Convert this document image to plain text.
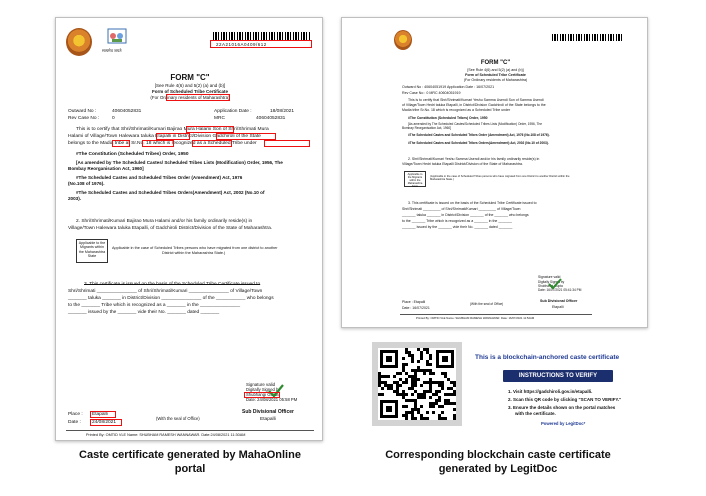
सत्यमेव जयते
22A21016A0409/612
FORM "C"
[See Rule 4(6) and 5(2) (a) and (b)]
Form of Scheduled Tribe Certificate
(For Ordinary residents of Maharashtra)
Outward No :	40604052831	Application Date :	18/08/2021
Rev Case No :	0	MRC	40604052831
This is to certify that Shri/Shrimati/Kumari Bajirao Mura Halami Son of Shri/Shrimati Mura
Halami of Village/Town Halewara taluka Etapalli in District/Division Gadchiroli of the State
belongs to the Madia tribe at Sr.No. 18 which is recognized as a Scheduled Tribe under
#The Constitution (Scheduled Tribes) Order, 1950
[As amended by The Scheduled Castes/ Scheduled Tribes Lists (Modification) Order, 1956, The
Bombay Reorganisation Act, 1960]
#The Scheduled Castes and Scheduled Tribes Order (Amendment) Act, 1976
(No.108 of 1976).
#The Scheduled Castes and Scheduled Tribes Orders(Amendment) Act, 2002 (No.10 of
2003).
2. Shri/Shrimati/Kumari Bajirao Mura Halami and/or his family ordinarily reside(s) in
Village/Town Halewara taluka Etapalli, of Gadchiroli District/Division of the State of Maharashtra.
Applicable to the Migrants within the Maharashtra State
Applicable in the case of Scheduled Tribes persons who have migrated from one district to another
District within the Maharashtra State.)
3. This certificate is issued on the basis of the Scheduled Tribe Certificate issued to
Shri/Shrimati _______________ of Shri/Shrimati/Kumari _______________ of Village/Town
_______ taluka _______ in District/Division _______________ of the ___________ who belongs
to the _______ Tribe which is recognized as a _______ in the _______________
_______ issued by the _______ vide their No. _______ dated _______
Signature valid
Digitally Signed by
Shubhangi Gupta
Date: 24/08/2021 05:58 PM
Place : Etapalli
Date : 24/08/2021
(With the seal of Office)
Sub Divisional Officer
Etapalli
Printed By: OMTID VLE Name: SHUBHAM RAMESH WANNAWAR. Date:24/08/2021 11:30AM
FORM "C"
[See Rule 4(6) and 5(2) (a) and (b)]
Form of Scheduled Tribe Certificate
(For Ordinary residents of Maharashtra)
Outward No : 40604051919 Application Date : 16/07/2021
Rev Case No : 0 MRC 40604051919
This is to certify that Shri/Shrimati/Kumari Yeshu Samma Usendi Son of Samma Usendi
of Village/Town Hedri taluka Etapalli, in District/Division Gadchiroli of the State belongs to the
Madia tribe Sr.No. 18 which is recognized as a Scheduled Tribe under
#The Constitution (Scheduled Tribes) Order, 1950
[As amended by The Scheduled Castes/Scheduled Tribes Lists (Modification) Order, 1956, The
Bombay Reorganisation Act, 1960]
#The Scheduled Castes and Scheduled Tribes Order (Amendment) Act, 1976 (No.108 of 1976).
#The Scheduled Castes and Scheduled Tribes Orders(Amendment) Act, 2002 (No.10 of 2003).
2. Shri/Shrimati/Kumari Yeshu Samma Usendi and/or his family ordinarily reside(s) in
Village/Town Hedri taluka Etapalli District/Division of the State of Maharashtra.
Applicable to the Migrants within the Maharashtra State
(Applicable in the case of Scheduled Tribes persons who have migrated from one District to another District within the Maharashtra State.)
3. This certificate is issued on the basis of the Scheduled Tribe Certificate issued to
Shri/Shrimati _________ of Shri/Shrimati/Kumari _________ of Village/Town
_______ taluka _______ in District/Division _______ of the _______ who belongs
to the _______ Tribe which is recognized as a _______ in the _______
_______ issued by the _______ vide their No. _______ dated _______
Signature valid
Digitally Signed by
Shubhangi Gupta
Date: 16/07/2021 05:41:34 PM
Place : Etapalli
Date : 16/07/2021
(With the seal of Office)
Sub Divisional Officer
Etapalli
Printed By: OMTID VLE Name: SHUBHAM RAMESH WANNAWAR. Date: 16/07/2021 11:52AM
This is a blockchain-anchored caste certificate
INSTRUCTIONS TO VERIFY
1. Visit https://gadchiroli.gov.in/etapalli.
2. Scan this QR code by clicking "SCAN TO VERIFY."
3. Ensure the details shown on the portal matches
with the certificate.
Powered by LegitDoc*
Caste certificate generated by MahaOnline
portal
Corresponding blockchain caste certificate
generated by LegitDoc
